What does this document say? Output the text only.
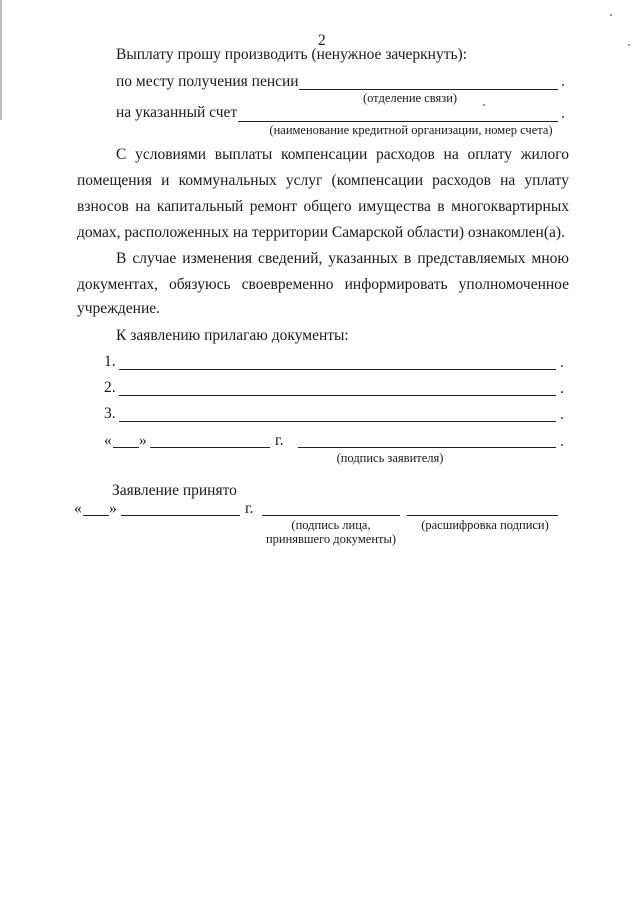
2
Выплату прошу производить (ненужное зачеркнуть):
по месту получения пенсии	.
(отделение связи)
на указанный счет	.
(наименование кредитной организации, номер счета)
С условиями выплаты компенсации расходов на оплату жилого
помещения и коммунальных услуг (компенсации расходов на уплату
взносов на капитальный ремонт общего имущества в многоквартирных
домах, расположенных на территории Самарской области) ознакомлен(а).
В случае изменения сведений, указанных в представляемых мною
документах, обязуюсь своевременно информировать уполномоченное
учреждение.
К заявлению прилагаю документы:
1.	.
2.	.
3.	.
« »	г.	.
(подпись заявителя)
Заявление принято
« »	г.
(подпись лица,
принявшего документы)
(расшифровка подписи)
